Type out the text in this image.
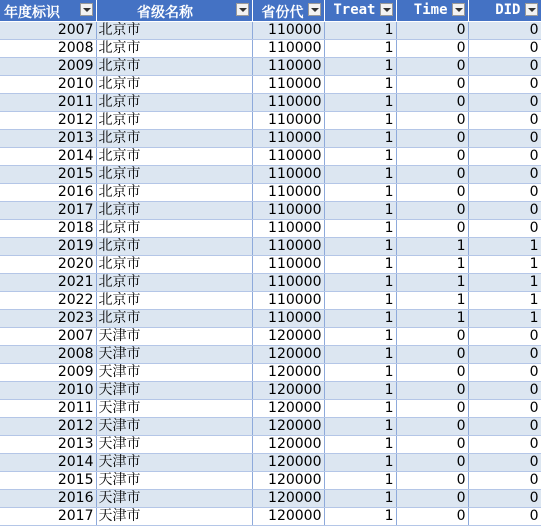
年度标识	省级名称	省份代	Treat	Time	DID

2007	北京市	110000	1	0	0
2008	北京市	110000	1	0	0
2009	北京市	110000	1	0	0
2010	北京市	110000	1	0	0
2011	北京市	110000	1	0	0
2012	北京市	110000	1	0	0
2013	北京市	110000	1	0	0
2014	北京市	110000	1	0	0
2015	北京市	110000	1	0	0
2016	北京市	110000	1	0	0
2017	北京市	110000	1	0	0
2018	北京市	110000	1	0	0
2019	北京市	110000	1	1	1
2020	北京市	110000	1	1	1
2021	北京市	110000	1	1	1
2022	北京市	110000	1	1	1
2023	北京市	110000	1	1	1
2007	天津市	120000	1	0	0
2008	天津市	120000	1	0	0
2009	天津市	120000	1	0	0
2010	天津市	120000	1	0	0
2011	天津市	120000	1	0	0
2012	天津市	120000	1	0	0
2013	天津市	120000	1	0	0
2014	天津市	120000	1	0	0
2015	天津市	120000	1	0	0
2016	天津市	120000	1	0	0
2017	天津市	120000	1	0	0
